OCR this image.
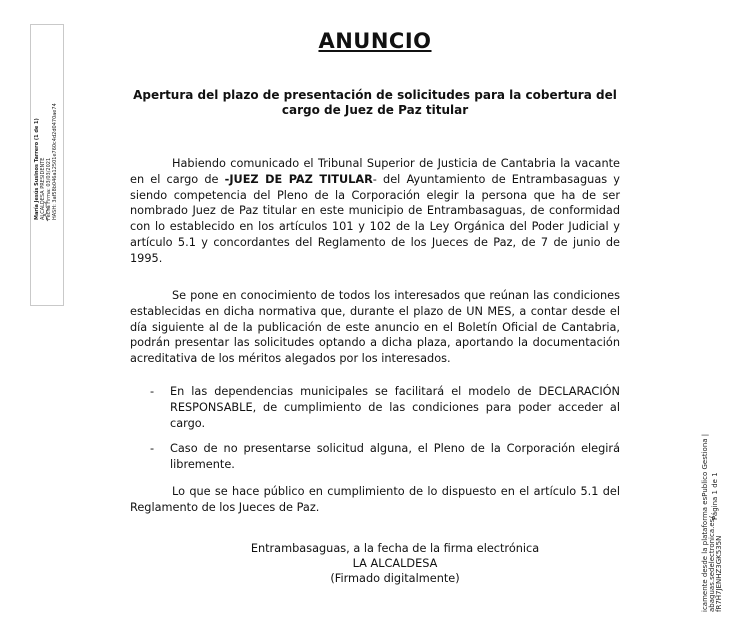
María Jesús Susinos Tarrero (1 de 1) ALCALDESA PRESIDENTE Fecha Firma: 03/03/2021 HASH: 3af58b046a12501e760c4d2d0470ae74
Página 1 de 1
icamente desde la plataforma esPublico Gestiona | abaguas.sedelectronica.es/ fR7H7JENHZ3GK535N
ANUNCIO
Apertura del plazo de presentación de solicitudes para la cobertura del cargo de Juez de Paz titular
Habiendo comunicado el Tribunal Superior de Justicia de Cantabria la vacante en el cargo de -JUEZ DE PAZ TITULAR- del Ayuntamiento de Entrambasaguas y siendo competencia del Pleno de la Corporación elegir la persona que ha de ser nombrado Juez de Paz titular en este municipio de Entrambasaguas, de conformidad con lo establecido en los artículos 101 y 102 de la Ley Orgánica del Poder Judicial y artículo 5.1 y concordantes del Reglamento de los Jueces de Paz, de 7 de junio de 1995.
Se pone en conocimiento de todos los interesados que reúnan las condiciones establecidas en dicha normativa que, durante el plazo de UN MES, a contar desde el día siguiente al de la publicación de este anuncio en el Boletín Oficial de Cantabria, podrán presentar las solicitudes optando a dicha plaza, aportando la documentación acreditativa de los méritos alegados por los interesados.
- En las dependencias municipales se facilitará el modelo de DECLARACIÓN RESPONSABLE, de cumplimiento de las condiciones para poder acceder al cargo.
- Caso de no presentarse solicitud alguna, el Pleno de la Corporación elegirá libremente.
Lo que se hace público en cumplimiento de lo dispuesto en el artículo 5.1 del Reglamento de los Jueces de Paz.
Entrambasaguas, a la fecha de la firma electrónica
LA ALCALDESA
(Firmado digitalmente)
